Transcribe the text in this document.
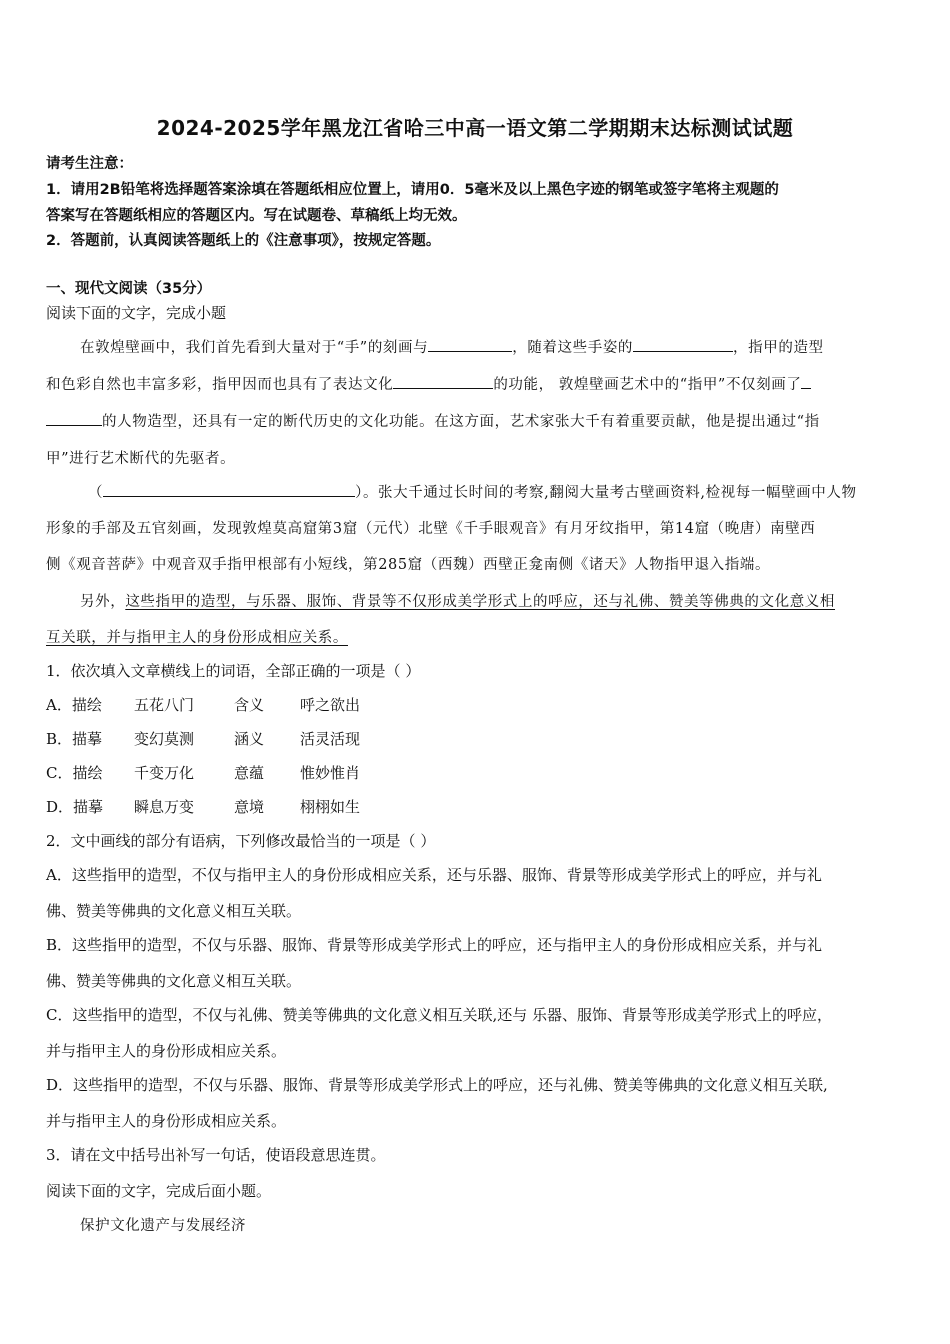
2024-2025学年黑龙江省哈三中高一语文第二学期期末达标测试试题
请考生注意：
1．请用2B铅笔将选择题答案涂填在答题纸相应位置上，请用0．5毫米及以上黑色字迹的钢笔或签字笔将主观题的
答案写在答题纸相应的答题区内。写在试题卷、草稿纸上均无效。
2．答题前，认真阅读答题纸上的《注意事项》，按规定答题。
一、现代文阅读（35分）
阅读下面的文字，完成小题
在敦煌壁画中，我们首先看到大量对于“手”的刻画与	，随着这些手姿的	，指甲的造型
和色彩自然也丰富多彩，指甲因而也具有了表达文化	的功能， 敦煌壁画艺术中的“指甲”不仅刻画了
的人物造型，还具有一定的断代历史的文化功能。在这方面，艺术家张大千有着重要贡献，他是提出通过“指
甲”进行艺术断代的先驱者。
（	）。张大千通过长时间的考察,翻阅大量考古壁画资料,检视每一幅壁画中人物
形象的手部及五官刻画，发现敦煌莫高窟第3窟（元代）北壁《千手眼观音》有月牙纹指甲，第14窟（晚唐）南壁西
侧《观音菩萨》中观音双手指甲根部有小短线，第285窟（西魏）西壁正龛南侧《诸天》人物指甲退入指端。
另外，这些指甲的造型，与乐器、服饰、背景等不仅形成美学形式上的呼应，还与礼佛、赞美等佛典的文化意义相
互关联，并与指甲主人的身份形成相应关系。
1．依次填入文章横线上的词语，全部正确的一项是（ ）
A．描绘 五花八门	含义 呼之欲出
B．描摹 变幻莫测	涵义 活灵活现
C．描绘 千变万化	意蕴 惟妙惟肖
D．描摹 瞬息万变	意境 栩栩如生
2．文中画线的部分有语病，下列修改最恰当的一项是（ ）
A．这些指甲的造型，不仅与指甲主人的身份形成相应关系，还与乐器、服饰、背景等形成美学形式上的呼应，并与礼
佛、赞美等佛典的文化意义相互关联。
B．这些指甲的造型，不仅与乐器、服饰、背景等形成美学形式上的呼应，还与指甲主人的身份形成相应关系，并与礼
佛、赞美等佛典的文化意义相互关联。
C．这些指甲的造型，不仅与礼佛、赞美等佛典的文化意义相互关联,还与 乐器、服饰、背景等形成美学形式上的呼应，
并与指甲主人的身份形成相应关系。
D．这些指甲的造型，不仅与乐器、服饰、背景等形成美学形式上的呼应，还与礼佛、赞美等佛典的文化意义相互关联,
并与指甲主人的身份形成相应关系。
3．请在文中括号出补写一句话，使语段意思连贯。
阅读下面的文字，完成后面小题。
保护文化遗产与发展经济
